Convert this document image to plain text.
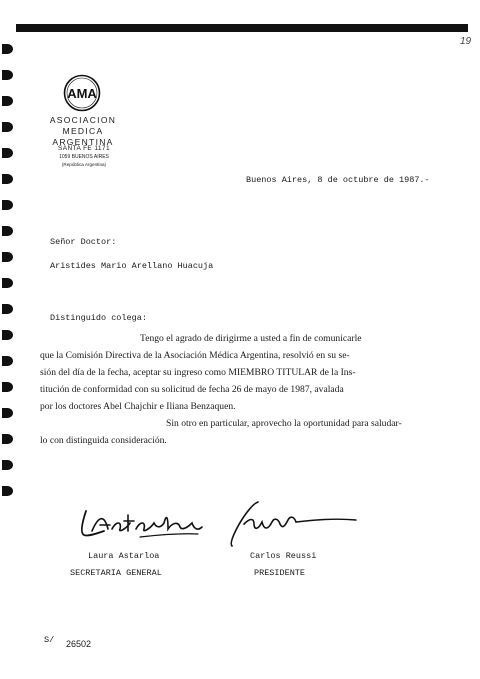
19
AMA
ASOCIACION MEDICA
ARGENTINA
SANTA FE 1171
1059 BUENOS AIRES
(República Argentina)
Buenos Aires, 8 de octubre de 1987.-
Señor Doctor:
Aristides Mario Arellano Huacuja
Distinguido colega:
Tengo el agrado de dirigirme a usted a fin de comunicarle
que la Comisión Directiva de la Asociación Médica Argentina, resolvió en su se-
sión del día de la fecha, aceptar su ingreso como MIEMBRO TITULAR de la Ins-
titución de conformidad con su solicitud de fecha 26 de mayo de 1987, avalada
por los doctores Abel Chajchir e Iliana Benzaquen.
Sin otro en particular, aprovecho la oportunidad para saludar-
lo con distinguida consideración.
Laura Astarloa
SECRETARIA GENERAL
Carlos Reussi
PRESIDENTE
S/ 26502
